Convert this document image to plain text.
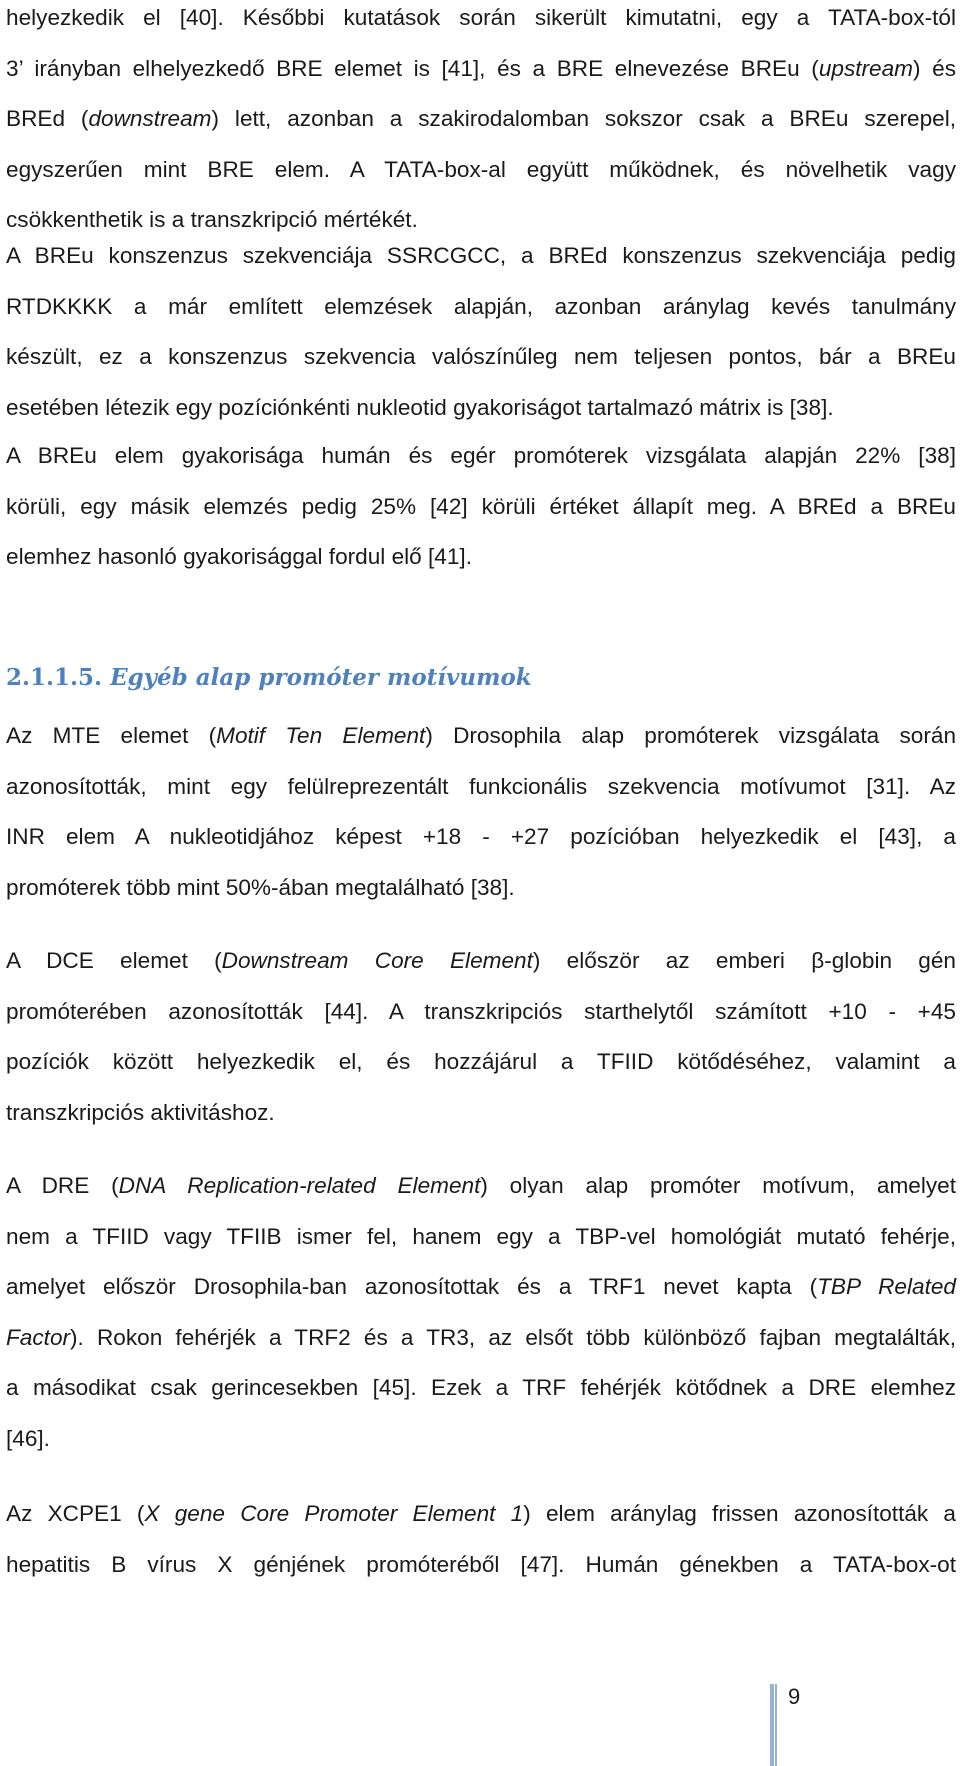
helyezkedik el [40]. Későbbi kutatások során sikerült kimutatni, egy a TATA-box-tól
3’ irányban elhelyezkedő BRE elemet is [41], és a BRE elnevezése BREu (upstream) és
BREd (downstream) lett, azonban a szakirodalomban sokszor csak a BREu szerepel,
egyszerűen mint BRE elem. A TATA-box-al együtt működnek, és növelhetik vagy
csökkenthetik is a transzkripció mértékét.
A BREu konszenzus szekvenciája SSRCGCC, a BREd konszenzus szekvenciája pedig
RTDKKKK a már említett elemzések alapján, azonban aránylag kevés tanulmány
készült, ez a konszenzus szekvencia valószínűleg nem teljesen pontos, bár a BREu
esetében létezik egy pozíciónkénti nukleotid gyakoriságot tartalmazó mátrix is [38].
A BREu elem gyakorisága humán és egér promóterek vizsgálata alapján 22% [38]
körüli, egy másik elemzés pedig 25% [42] körüli értéket állapít meg. A BREd a BREu
elemhez hasonló gyakorisággal fordul elő [41].
2.1.1.5. Egyéb alap promóter motívumok
Az MTE elemet (Motif Ten Element) Drosophila alap promóterek vizsgálata során
azonosították, mint egy felülreprezentált funkcionális szekvencia motívumot [31]. Az
INR elem A nukleotidjához képest +18 - +27 pozícióban helyezkedik el [43], a
promóterek több mint 50%-ában megtalálható [38].
A DCE elemet (Downstream Core Element) először az emberi β-globin gén
promóterében azonosították [44]. A transzkripciós starthelytől számított +10 - +45
pozíciók között helyezkedik el, és hozzájárul a TFIID kötődéséhez, valamint a
transzkripciós aktivitáshoz.
A DRE (DNA Replication-related Element) olyan alap promóter motívum, amelyet
nem a TFIID vagy TFIIB ismer fel, hanem egy a TBP-vel homológiát mutató fehérje,
amelyet először Drosophila-ban azonosítottak és a TRF1 nevet kapta (TBP Related
Factor). Rokon fehérjék a TRF2 és a TR3, az elsőt több különböző fajban megtalálták,
a másodikat csak gerincesekben [45]. Ezek a TRF fehérjék kötődnek a DRE elemhez
[46].
Az XCPE1 (X gene Core Promoter Element 1) elem aránylag frissen azonosították a
hepatitis B vírus X génjének promóteréből [47]. Humán génekben a TATA-box-ot
9
